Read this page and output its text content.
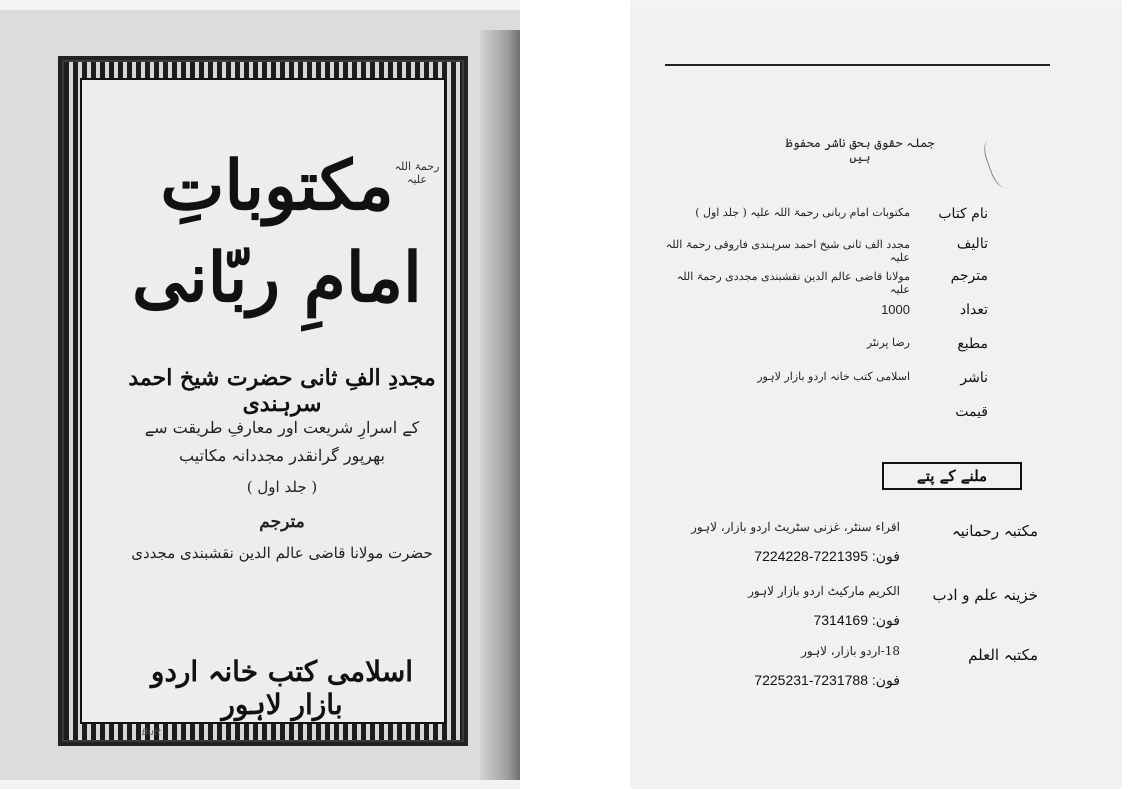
مکتوباتِ امامِ ربّانی
رحمۃ اللہ علیہ
مجددِ الفِ ثانی حضرت شیخ احمد سرہندی
کے اسرارِ شریعت اور معارفِ طریقت سے
بھرپور گرانقدر مجددانہ مکاتیب
( جلد اول )
مترجم
حضرت مولانا قاضی عالم الدین نقشبندی مجددی
اسلامی کتب خانہ اردو بازار لاہور
Butt
جملہ حقوق بحق ناشر محفوظ ہیں
نام کتاب
مکتوبات امام ربانی رحمۃ اللہ علیہ ( جلد اول )
تالیف
مجدد الف ثانی شیخ احمد سرہندی فاروقی رحمۃ اللہ علیہ
مترجم
مولانا قاضی عالم الدین نقشبندی مجددی رحمۃ اللہ علیہ
تعداد
1000
مطبع
رضا پرنٹر
ناشر
اسلامی کتب خانہ اردو بازار لاہور
قیمت
ملنے کے پتے
مکتبہ رحمانیہ
اقراء سنٹر، غزنی سٹریٹ اردو بازار، لاہور
فون: 7221395-7224228
خزینہ علم و ادب
الکریم مارکیٹ اردو بازار لاہور
فون: 7314169
مکتبہ العلم
18-اردو بازار، لاہور
فون: 7231788-7225231
